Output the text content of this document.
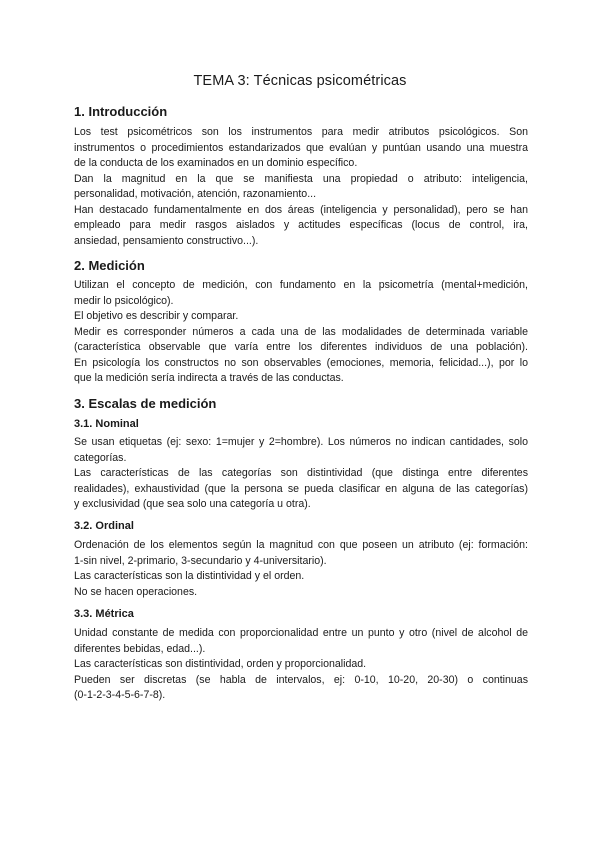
TEMA 3: Técnicas psicométricas
1. Introducción
Los test psicométricos son los instrumentos para medir atributos psicológicos. Son
instrumentos o procedimientos estandarizados que evalúan y puntúan usando una muestra
de la conducta de los examinados en un dominio específico.
Dan la magnitud en la que se manifiesta una propiedad o atributo: inteligencia,
personalidad, motivación, atención, razonamiento...
Han destacado fundamentalmente en dos áreas (inteligencia y personalidad), pero se han
empleado para medir rasgos aislados y actitudes específicas (locus de control, ira,
ansiedad, pensamiento constructivo...).
2. Medición
Utilizan el concepto de medición, con fundamento en la psicometría (mental+medición,
medir lo psicológico).
El objetivo es describir y comparar.
Medir es corresponder números a cada una de las modalidades de determinada variable
(característica observable que varía entre los diferentes individuos de una población).
En psicología los constructos no son observables (emociones, memoria, felicidad...), por lo
que la medición sería indirecta a través de las conductas.
3. Escalas de medición
3.1. Nominal
Se usan etiquetas (ej: sexo: 1=mujer y 2=hombre). Los números no indican cantidades, solo
categorías.
Las características de las categorías son distintividad (que distinga entre diferentes
realidades), exhaustividad (que la persona se pueda clasificar en alguna de las categorías)
y exclusividad (que sea solo una categoría u otra).
3.2. Ordinal
Ordenación de los elementos según la magnitud con que poseen un atributo (ej: formación:
1-sin nivel, 2-primario, 3-secundario y 4-universitario).
Las características son la distintividad y el orden.
No se hacen operaciones.
3.3. Métrica
Unidad constante de medida con proporcionalidad entre un punto y otro (nivel de alcohol de
diferentes bebidas, edad...).
Las características son distintividad, orden y proporcionalidad.
Pueden ser discretas (se habla de intervalos, ej: 0-10, 10-20, 20-30) o continuas
(0-1-2-3-4-5-6-7-8).
